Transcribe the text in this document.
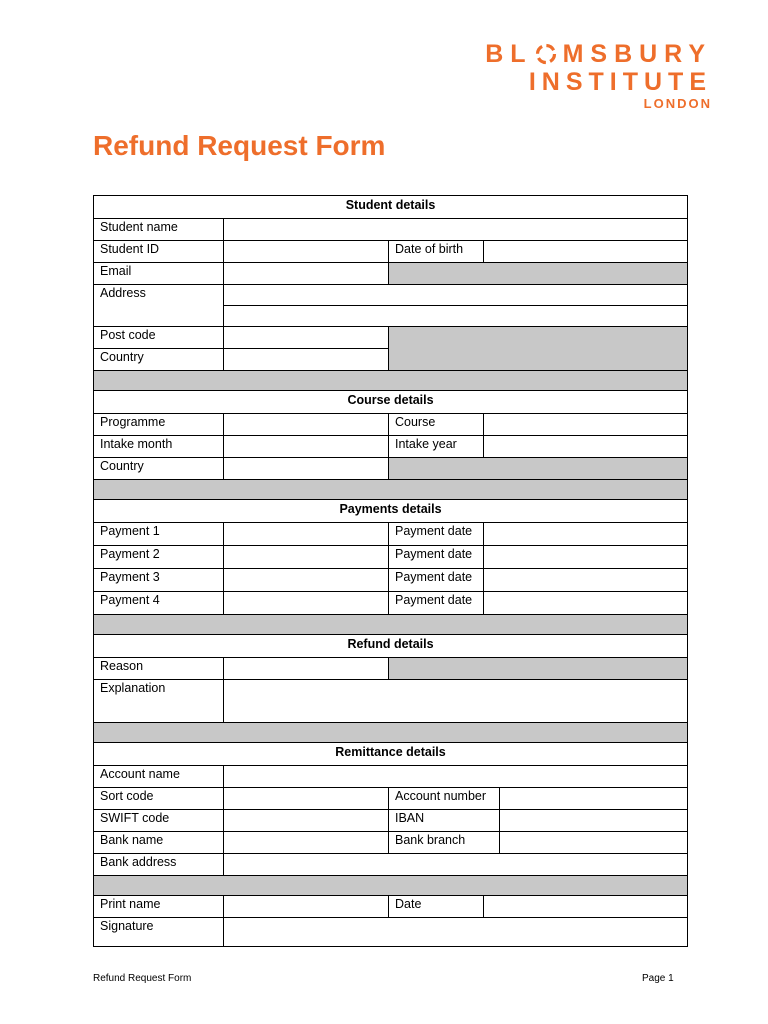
BL MSBURY
INSTITUTE
LONDON
Refund Request Form
Student details				
Student name	

Student ID		Date of birth	

Email	

Address	

Post code	

Country	

Course details				
Programme		Course	

Intake month		Intake year	

Country	

Payments details				
Payment 1		Payment date	

Payment 2		Payment date	

Payment 3		Payment date	

Payment 4		Payment date	

Refund details				
Reason	

Explanation	

Remittance details				
Account name	

Sort code		Account number	

SWIFT code		IBAN	

Bank name		Bank branch	

Bank address	

Print name		Date	

Signature	
Refund Request Form	Page 1
